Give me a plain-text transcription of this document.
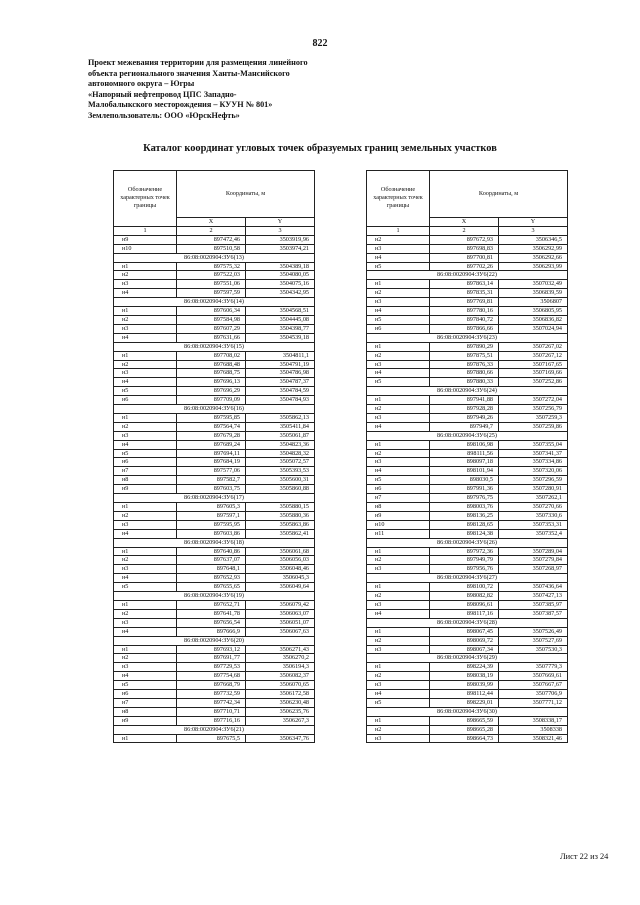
822
Проект межевания территории для размещения линейного
объекта регионального значения Ханты-Мансийского
автономного округа – Югры
«Напорный нефтепровод ЦПС Западно-
Малобалыкского месторождения – КУУН № 801»
Землепользователь: ООО «ЮрскНефть»
Каталог координат угловых точек образуемых границ земельных участков
Обозначение характерных точек границы	Координаты, м	
	X	Y
1	2	3
н9	897472,46	3503919,96
н10	897510,58	3503974,21
86:08:0020904:ЗУ6(13)		
н1	897575,32	3504389,18
н2	897522,03	3504080,05
н3	897551,06	3504075,16
н4	897597,59	3504342,95
86:08:0020904:ЗУ6(14)		
н1	897606,34	3504568,51
н2	897584,98	3504445,08
н3	897607,29	3504398,77
н4	897631,66	3504539,18
86:08:0020904:ЗУ6(15)		
н1	897708,02	3504811,1
н2	897688,48	3504791,19
н3	897688,75	3504786,98
н4	897696,13	3504787,37
н5	897696,29	3504784,59
н6	897709,09	3504784,93
86:08:0020904:ЗУ6(16)		
н1	897595,85	3505862,13
н2	897564,74	3505411,84
н3	897679,28	3505061,87
н4	897689,24	3504823,36
н5	897694,11	3504828,32
н6	897684,19	3505072,57
н7	897577,06	3505393,53
н8	897582,7	3505600,31
н9	897603,75	3505860,88
86:08:0020904:ЗУ6(17)		
н1	897605,3	3505880,15
н2	897597,1	3505880,36
н3	897595,95	3505863,86
н4	897603,86	3505862,41
86:08:0020904:ЗУ6(18)		
н1	897640,86	3506061,68
н2	897637,07	3506056,03
н3	897648,1	3506048,46
н4	897652,93	3506045,3
н5	897655,65	3506049,64
86:08:0020904:ЗУ6(19)		
н1	897652,71	3506079,42
н2	897641,78	3506063,07
н3	897656,54	3506051,07
н4	897666,9	3506067,63
86:08:0020904:ЗУ6(20)		
н1	897693,12	3506271,43
н2	897691,77	3506270,2
н3	897729,53	3506194,3
н4	897754,68	3506082,37
н5	897668,79	3506070,65
н6	897732,59	3506172,58
н7	897742,34	3506230,48
н8	897710,71	3506235,76
н9	897716,16	3506267,3
86:08:0020904:ЗУ6(21)		
н1	897675,5	3506347,76
Обозначение характерных точек границы	Координаты, м	
	X	Y
1	2	3
н2	897672,93	3506346,5
н3	897698,83	3506292,99
н4	897700,81	3506292,66
н5	897702,26	3506293,99
86:08:0020904:ЗУ6(22)		
н1	897863,14	3507032,49
н2	897835,31	3506839,59
н3	897769,81	3506807
н4	897780,16	3506805,95
н5	897840,72	3506836,82
н6	897866,66	3507024,94
86:08:0020904:ЗУ6(23)		
н1	897890,29	3507267,02
н2	897875,51	3507267,12
н3	897876,33	3507167,65
н4	897880,66	3507169,66
н5	897880,33	3507252,86
86:08:0020904:ЗУ6(24)		
н1	897941,88	3507272,04
н2	897928,28	3507256,79
н3	897949,26	3507259,3
н4	897949,7	3507259,86
86:08:0020904:ЗУ6(25)		
н1	898106,98	3507355,04
н2	898111,56	3507341,37
н3	898097,18	3507334,86
н4	898101,94	3507320,06
н5	898030,5	3507296,59
н6	897991,36	3507280,91
н7	897976,75	3507262,1
н8	898003,76	3507270,66
н9	898136,25	3507330,6
н10	898128,65	3507353,31
н11	898124,38	3507352,4
86:08:0020904:ЗУ6(26)		
н1	897972,36	3507289,04
н2	897949,79	3507279,84
н3	897956,76	3507268,97
86:08:0020904:ЗУ6(27)		
н1	898100,72	3507436,64
н2	898082,82	3507427,13
н3	898096,61	3507385,97
н4	898117,16	3507387,57
86:08:0020904:ЗУ6(28)		
н1	898067,45	3507526,49
н2	898069,72	3507527,69
н3	898067,34	3507530,3
86:08:0020904:ЗУ6(29)		
н1	898224,39	3507779,3
н2	898038,19	3507669,61
н3	898039,99	3507667,67
н4	898112,44	3507706,9
н5	898229,01	3507771,12
86:08:0020904:ЗУ6(30)		
н1	898665,59	3508338,17
н2	898665,28	3508338
н3	898664,73	3508321,46
Лист 22 из 24
